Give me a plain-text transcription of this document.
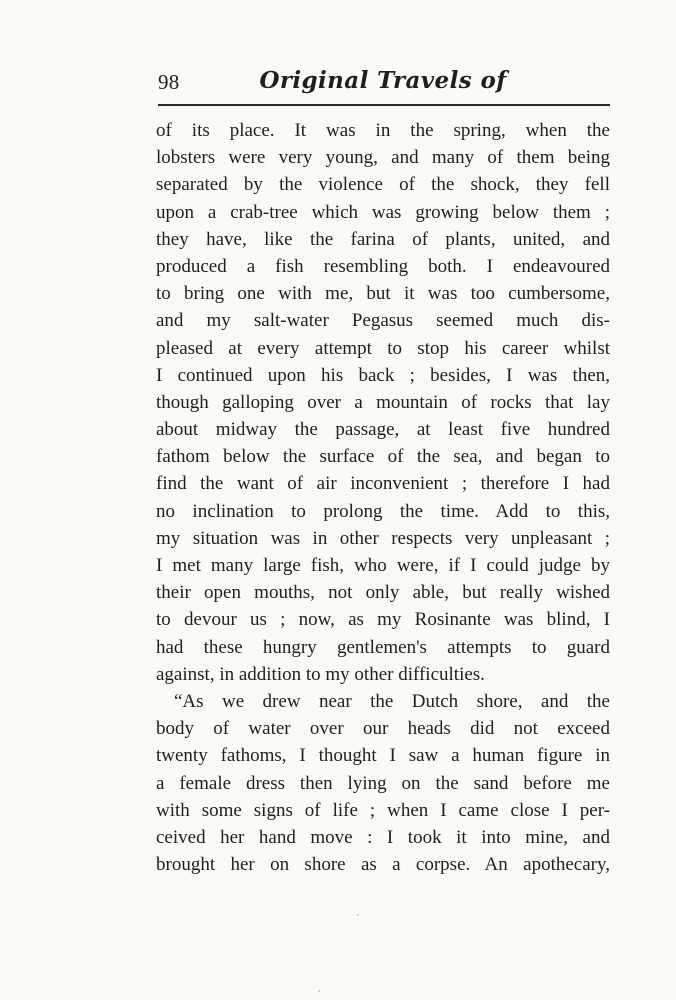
98	Original Travels of
of its place. It was in the spring, when the
lobsters were very young, and many of them being
separated by the violence of the shock, they fell
upon a crab-tree which was growing below them ;
they have, like the farina of plants, united, and
produced a fish resembling both. I endeavoured
to bring one with me, but it was too cumbersome,
and my salt-water Pegasus seemed much dis-
pleased at every attempt to stop his career whilst
I continued upon his back ; besides, I was then,
though galloping over a mountain of rocks that lay
about midway the passage, at least five hundred
fathom below the surface of the sea, and began to
find the want of air inconvenient ; therefore I had
no inclination to prolong the time. Add to this,
my situation was in other respects very unpleasant ;
I met many large fish, who were, if I could judge by
their open mouths, not only able, but really wished
to devour us ; now, as my Rosinante was blind, I
had these hungry gentlemen's attempts to guard
against, in addition to my other difficulties.
“As we drew near the Dutch shore, and the
body of water over our heads did not exceed
twenty fathoms, I thought I saw a human figure in
a female dress then lying on the sand before me
with some signs of life ; when I came close I per-
ceived her hand move : I took it into mine, and
brought her on shore as a corpse. An apothecary,
